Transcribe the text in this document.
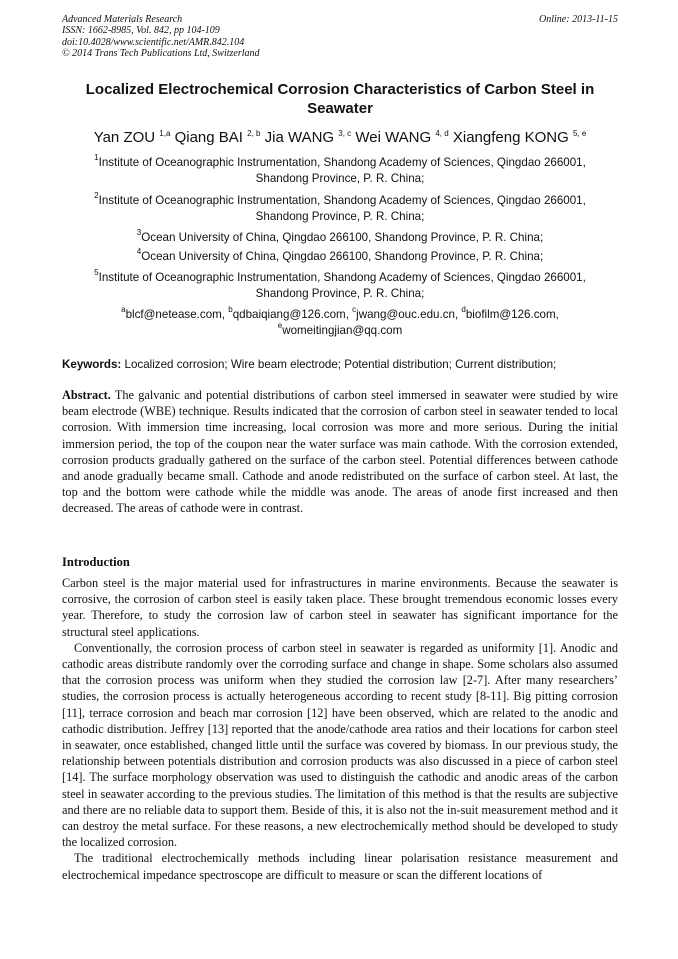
Advanced Materials Research
ISSN: 1662-8985, Vol. 842, pp 104-109
doi:10.4028/www.scientific.net/AMR.842.104
© 2014 Trans Tech Publications Ltd, Switzerland
Online: 2013-11-15
Localized Electrochemical Corrosion Characteristics of Carbon Steel in Seawater
Yan ZOU $^{1,a}$ Qiang BAI $^{2, b}$ Jia WANG $^{3, c}$ Wei WANG $^{4, d}$ Xiangfeng KONG $^{5, e}$
$^1$Institute of Oceanographic Instrumentation, Shandong Academy of Sciences, Qingdao 266001,
Shandong Province, P. R. China;
$^2$Institute of Oceanographic Instrumentation, Shandong Academy of Sciences, Qingdao 266001,
Shandong Province, P. R. China;
$^3$Ocean University of China, Qingdao 266100, Shandong Province, P. R. China;
$^4$Ocean University of China, Qingdao 266100, Shandong Province, P. R. China;
$^5$Institute of Oceanographic Instrumentation, Shandong Academy of Sciences, Qingdao 266001,
Shandong Province, P. R. China;
$^a$blcf@netease.com, $^b$qdbaiqiang@126.com, $^c$jwang@ouc.edu.cn, $^d$biofilm@126.com,
$^e$womeitingjian@qq.com
Keywords: Localized corrosion; Wire beam electrode; Potential distribution; Current distribution;
Abstract. The galvanic and potential distributions of carbon steel immersed in seawater were studied by wire beam electrode (WBE) technique. Results indicated that the corrosion of carbon steel in seawater tended to local corrosion. With immersion time increasing, local corrosion was more and more serious. During the initial immersion period, the top of the coupon near the water surface was main cathode. With the corrosion extended, corrosion products gradually gathered on the surface of the carbon steel. Potential differences between cathode and anode gradually became small. Cathode and anode redistributed on the surface of carbon steel. At last, the top and the bottom were cathode while the middle was anode. The areas of anode first increased and then decreased. The areas of cathode were in contrast.
Introduction

Carbon steel is the major material used for infrastructures in marine environments. Because the seawater is corrosive, the corrosion of carbon steel is easily taken place. These brought tremendous economic losses every year. Therefore, to study the corrosion law of carbon steel in seawater has significant importance for the structural steel applications.

Conventionally, the corrosion process of carbon steel in seawater is regarded as uniformity [1]. Anodic and cathodic areas distribute randomly over the corroding surface and change in shape. Some scholars also assumed that the corrosion process was uniform when they studied the corrosion law [2-7]. After many researchers’ studies, the corrosion process is actually heterogeneous according to recent study [8-11]. Big pitting corrosion [11], terrace corrosion and beach mar corrosion [12] have been observed, which are related to the anodic and cathodic distribution. Jeffrey [13] reported that the anode/cathode area ratios and their locations for carbon steel in seawater, once established, changed little until the surface was covered by biomass. In our previous study, the relationship between potentials distribution and corrosion products was also discussed in a piece of carbon steel [14]. The surface morphology observation was used to distinguish the cathodic and anodic areas of the carbon steel in seawater according to the previous studies. The limitation of this method is that the results are subjective and there are no reliable data to support them. Beside of this, it is also not the in-suit measurement method and it can destroy the metal surface. For these reasons, a new electrochemically method should be developed to study the localized corrosion.

The traditional electrochemically methods including linear polarisation resistance measurement and electrochemical impedance spectroscope are difficult to measure or scan the different locations of
